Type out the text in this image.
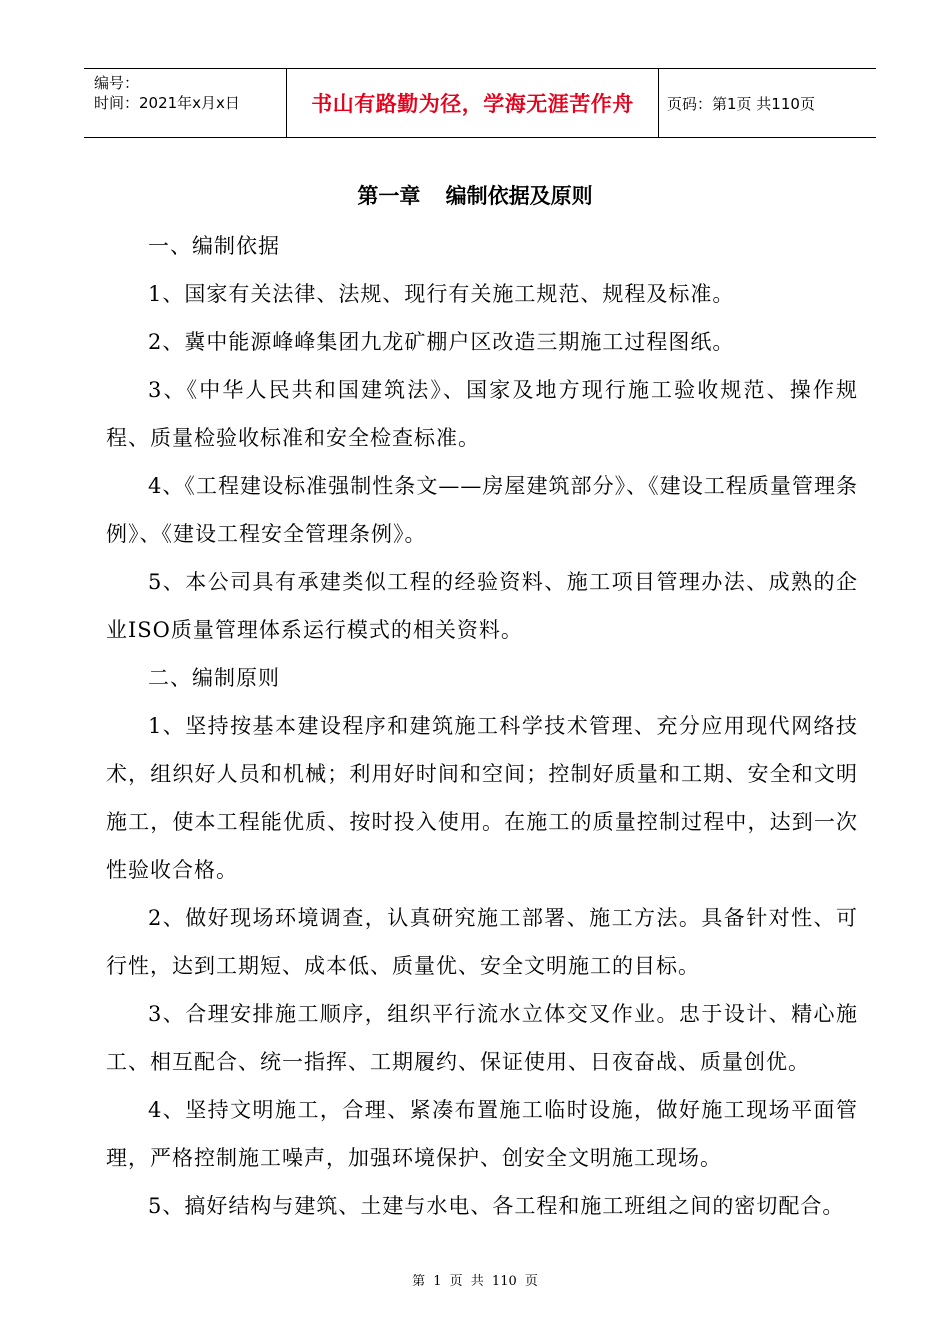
编号：
时间：2021年x月x日	书山有路勤为径，学海无涯苦作舟	页码：第1页 共110页
第一章 编制依据及原则

一、编制依据

1、国家有关法律、法规、现行有关施工规范、规程及标准。

2、冀中能源峰峰集团九龙矿棚户区改造三期施工过程图纸。

3、《中华人民共和国建筑法》、国家及地方现行施工验收规范、操作规程、质量检验收标准和安全检查标准。

4、《工程建设标准强制性条文——房屋建筑部分》、《建设工程质量管理条例》、《建设工程安全管理条例》。

5、本公司具有承建类似工程的经验资料、施工项目管理办法、成熟的企业ISO质量管理体系运行模式的相关资料。

二、编制原则

1、坚持按基本建设程序和建筑施工科学技术管理、充分应用现代网络技术，组织好人员和机械；利用好时间和空间；控制好质量和工期、安全和文明施工，使本工程能优质、按时投入使用。在施工的质量控制过程中，达到一次性验收合格。

2、做好现场环境调查，认真研究施工部署、施工方法。具备针对性、可行性，达到工期短、成本低、质量优、安全文明施工的目标。

3、合理安排施工顺序，组织平行流水立体交叉作业。忠于设计、精心施工、相互配合、统一指挥、工期履约、保证使用、日夜奋战、质量创优。

4、坚持文明施工，合理、紧凑布置施工临时设施，做好施工现场平面管理，严格控制施工噪声，加强环境保护、创安全文明施工现场。

5、搞好结构与建筑、土建与水电、各工程和施工班组之间的密切配合。

第 1 页 共 110 页
